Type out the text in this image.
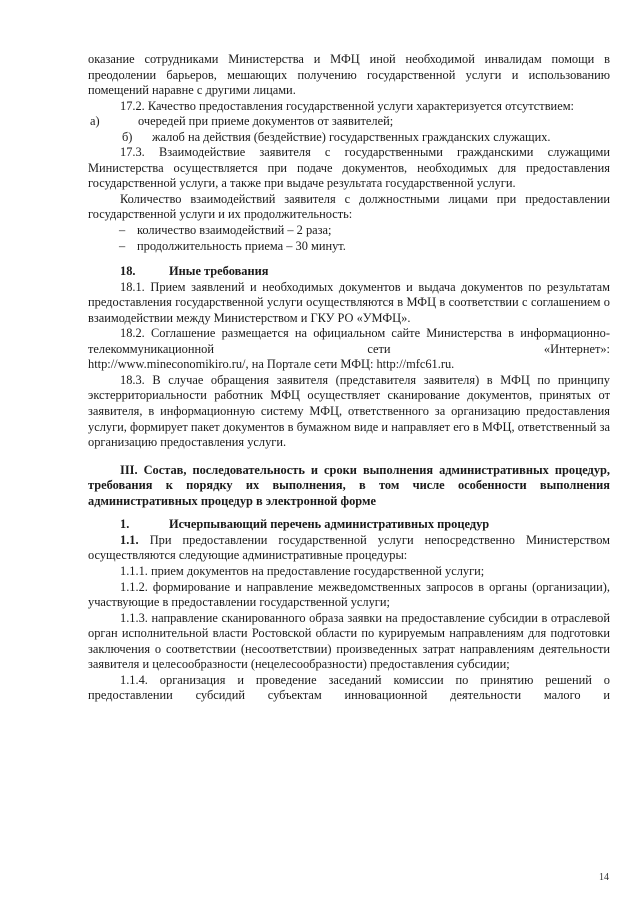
оказание сотрудниками Министерства и МФЦ иной необходимой инвалидам помощи в преодолении барьеров, мешающих получению государственной услуги и использованию помещений наравне с другими лицами.

17.2. Качество предоставления государственной услуги характеризуется отсутствием:

а)	очередей при приеме документов от заявителей;

б) жалоб на действия (бездействие) государственных гражданских служащих.

17.3. Взаимодействие заявителя с государственными гражданскими служащими Министерства осуществляется при подаче документов, необходимых для предоставления государственной услуги, а также при выдаче результата государственной услуги.

Количество взаимодействий заявителя с должностными лицами при предоставлении государственной услуги и их продолжительность:

– количество взаимодействий – 2 раза;
– продолжительность приема – 30 минут.

18.	Иные требования

18.1. Прием заявлений и необходимых документов и выдача документов по результатам предоставления государственной услуги осуществляются в МФЦ в соответствии с соглашением о взаимодействии между Министерством и ГКУ РО «УМФЦ».

18.2. Соглашение размещается на официальном сайте Министерства в информационно-телекоммуникационной сети «Интернет»:

http://www.mineconomikiro.ru/, на Портале сети МФЦ: http://mfc61.ru.

18.3. В случае обращения заявителя (представителя заявителя) в МФЦ по принципу экстерриториальности работник МФЦ осуществляет сканирование документов, принятых от заявителя, в информационную систему МФЦ, ответственного за организацию предоставления услуги, формирует пакет документов в бумажном виде и направляет его в МФЦ, ответственный за организацию предоставления услуги.

III. Состав, последовательность и сроки выполнения административных процедур, требования к порядку их выполнения, в том числе особенности выполнения административных процедур в электронной форме

1.	Исчерпывающий перечень административных процедур

1.1. При предоставлении государственной услуги непосредственно Министерством осуществляются следующие административные процедуры:

1.1.1. прием документов на предоставление государственной услуги;

1.1.2. формирование и направление межведомственных запросов в органы (организации), участвующие в предоставлении государственной услуги;

1.1.3. направление сканированного образа заявки на предоставление субсидии в отраслевой орган исполнительной власти Ростовской области по курируемым направлениям для подготовки заключения о соответствии (несоответствии) произведенных затрат направлениям деятельности заявителя и целесообразности (нецелесообразности) предоставления субсидии;

1.1.4. организация и проведение заседаний комиссии по принятию решений о предоставлении субсидий субъектам инновационной деятельности малого и

14
